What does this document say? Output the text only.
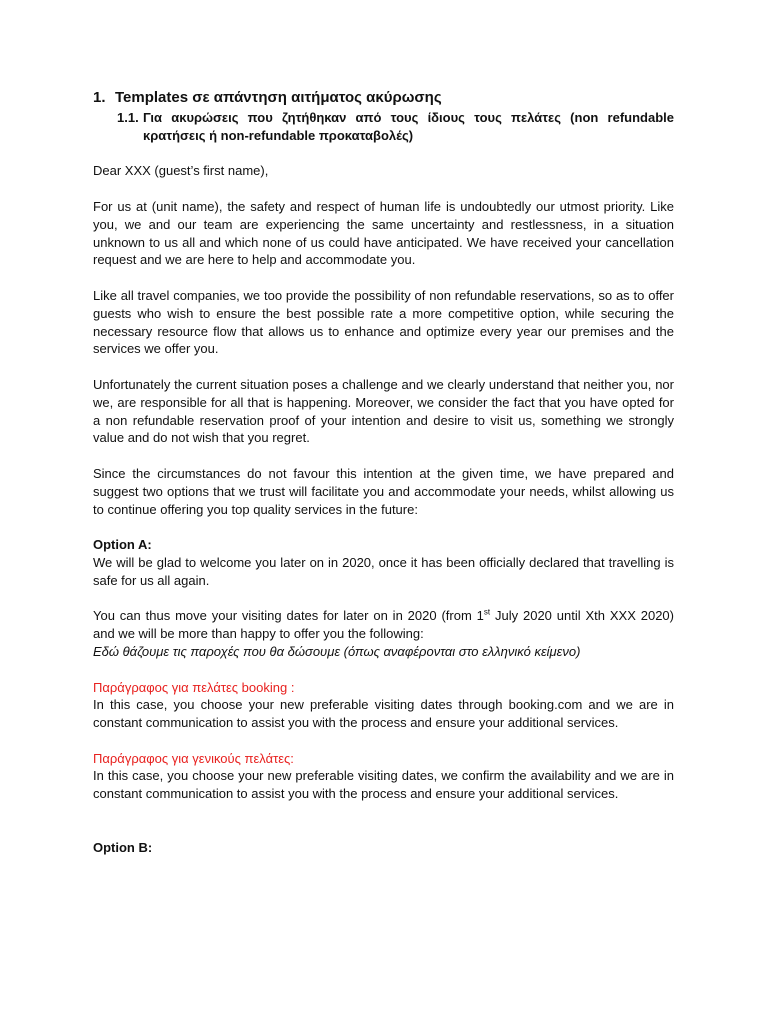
1. Templates σε απάντηση αιτήματος ακύρωσης
1.1. Για ακυρώσεις που ζητήθηκαν από τους ίδιους τους πελάτες (non refundable κρατήσεις ή non-refundable προκαταβολές)

Dear XXX (guest’s first name),

For us at (unit name), the safety and respect of human life is undoubtedly our utmost priority. Like you, we and our team are experiencing the same uncertainty and restlessness, in a situation unknown to us all and which none of us could have anticipated. We have received your cancellation request and we are here to help and accommodate you.

Like all travel companies, we too provide the possibility of non refundable reservations, so as to offer guests who wish to ensure the best possible rate a more competitive option, while securing the necessary resource flow that allows us to enhance and optimize every year our premises and the services we offer you.

Unfortunately the current situation poses a challenge and we clearly understand that neither you, nor we, are responsible for all that is happening. Moreover, we consider the fact that you have opted for a non refundable reservation proof of your intention and desire to visit us, something we strongly value and do not wish that you regret.

Since the circumstances do not favour this intention at the given time, we have prepared and suggest two options that we trust will facilitate you and accommodate your needs, whilst allowing us to continue offering you top quality services in the future:

Option A:

We will be glad to welcome you later on in 2020, once it has been officially declared that travelling is safe for us all again.

You can thus move your visiting dates for later on in 2020 (from 1st July 2020 until Xth XXX 2020) and we will be more than happy to offer you the following:

Εδώ θάζουμε τις παροχές που θα δώσουμε (όπως αναφέρονται στο ελληνικό κείμενο)

Παράγραφος για πελάτες booking :

In this case, you choose your new preferable visiting dates through booking.com and we are in constant communication to assist you with the process and ensure your additional services.

Παράγραφος για γενικούς πελάτες:

In this case, you choose your new preferable visiting dates, we confirm the availability and we are in constant communication to assist you with the process and ensure your additional services.

Option B:
